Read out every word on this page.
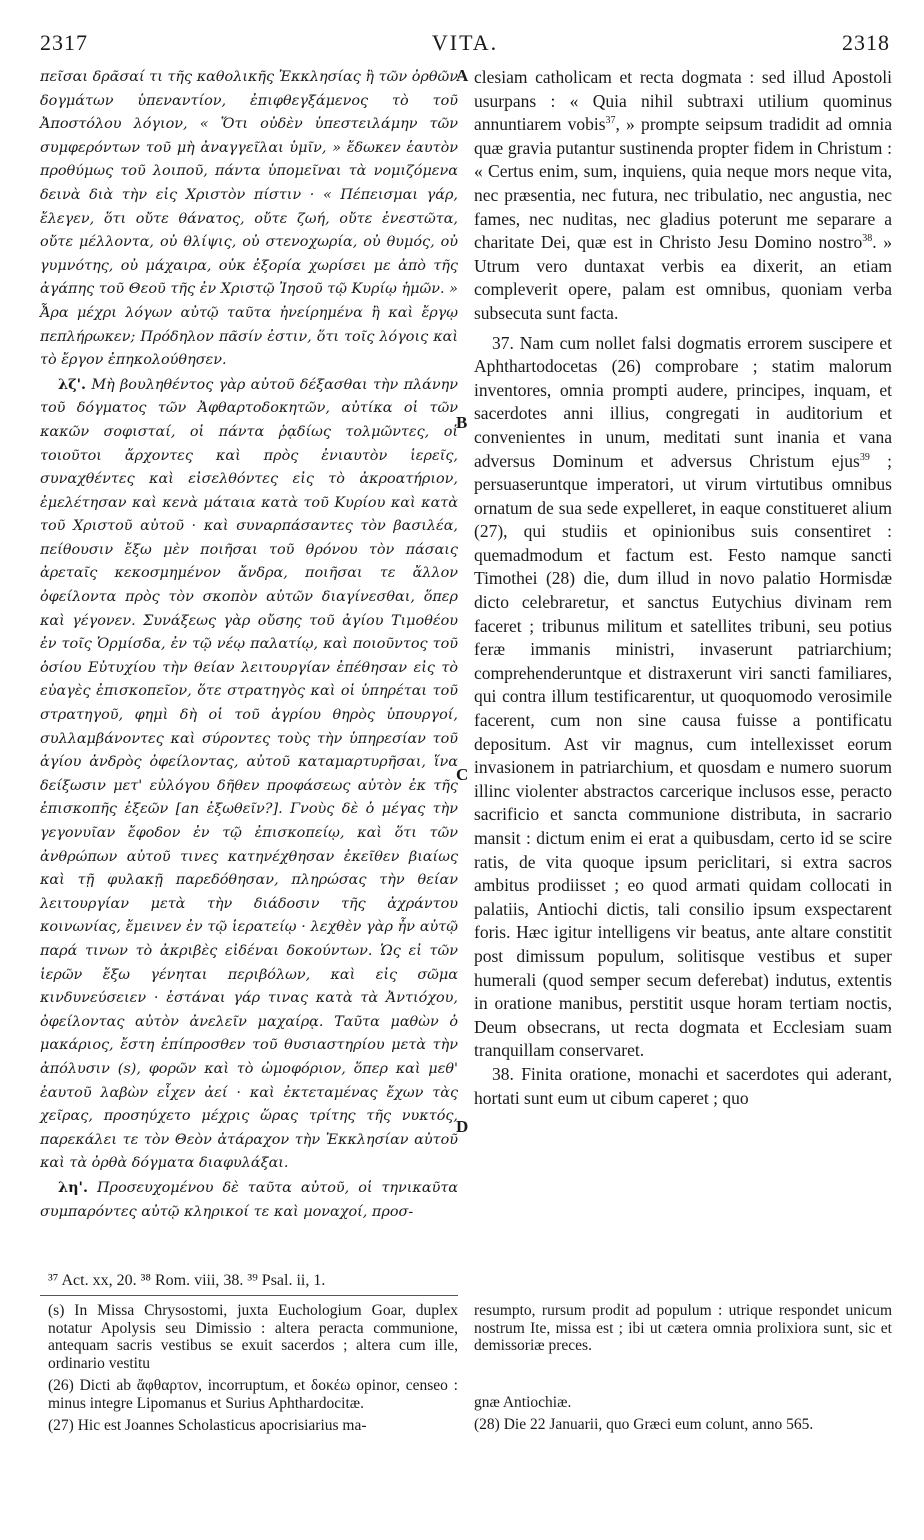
2317	VITA.	2318
A
B
C
D

πεῖσαι δρᾶσαί τι τῆς καθολικῆς Ἐκκλησίας ἢ τῶν ὀρθῶν δογμάτων ὑπεναντίον, ἐπιφθεγξάμενος τὸ τοῦ Ἀποστόλου λόγιον, « Ὅτι οὐδὲν ὑπεστειλάμην τῶν συμφερόντων τοῦ μὴ ἀναγγεῖλαι ὑμῖν, » ἔδωκεν ἑαυτὸν προθύμως τοῦ λοιποῦ, πάντα ὑπομεῖναι τὰ νομιζόμενα δεινὰ διὰ τὴν εἰς Χριστὸν πίστιν · « Πέπεισμαι γάρ, ἔλεγεν, ὅτι οὔτε θάνατος, οὔτε ζωή, οὔτε ἐνεστῶτα, οὔτε μέλλοντα, οὐ θλίψις, οὐ στενοχωρία, οὐ θυμός, οὐ γυμνότης, οὐ μάχαιρα, οὐκ ἐξορία χωρίσει με ἀπὸ τῆς ἀγάπης τοῦ Θεοῦ τῆς ἐν Χριστῷ Ἰησοῦ τῷ Κυρίῳ ἡμῶν. » Ἆρα μέχρι λόγων αὐτῷ ταῦτα ἠνείρημένα ἢ καὶ ἔργῳ πεπλήρωκεν; Πρόδηλον πᾶσίν ἐστιν, ὅτι τοῖς λόγοις καὶ τὸ ἔργον ἐπηκολούθησεν.

λζ'. Μὴ βουληθέντος γὰρ αὐτοῦ δέξασθαι τὴν πλάνην τοῦ δόγματος τῶν Ἀφθαρτοδοκητῶν, αὐτίκα οἱ τῶν κακῶν σοφισταί, οἱ πάντα ῥᾳδίως τολμῶντες, οἱ τοιοῦτοι ἄρχοντες καὶ πρὸς ἐνιαυτὸν ἱερεῖς, συναχθέντες καὶ εἰσελθόντες εἰς τὸ ἀκροατήριον, ἐμελέτησαν καὶ κενὰ μάταια κατὰ τοῦ Κυρίου καὶ κατὰ τοῦ Χριστοῦ αὐτοῦ · καὶ συναρπάσαντες τὸν βασιλέα, πείθουσιν ἔξω μὲν ποιῆσαι τοῦ θρόνου τὸν πάσαις ἀρεταῖς κεκοσμημένον ἄνδρα, ποιῆσαι τε ἄλλον ὀφείλοντα πρὸς τὸν σκοπὸν αὐτῶν διαγίνεσθαι, ὅπερ καὶ γέγονεν. Συνάξεως γὰρ οὔσης τοῦ ἁγίου Τιμοθέου ἐν τοῖς Ὁρμίσδα, ἐν τῷ νέῳ παλατίῳ, καὶ ποιοῦντος τοῦ ὁσίου Εὐτυχίου τὴν θείαν λειτουργίαν ἐπέθησαν εἰς τὸ εὐαγὲς ἐπισκοπεῖον, ὅτε στρατηγὸς καὶ οἱ ὑπηρέται τοῦ στρατηγοῦ, φημὶ δὴ οἱ τοῦ ἀγρίου θηρὸς ὑπουργοί, συλλαμβάνοντες καὶ σύροντες τοὺς τὴν ὑπηρεσίαν τοῦ ἁγίου ἀνδρὸς ὀφείλοντας, αὐτοῦ καταμαρτυρῆσαι, ἵνα δείξωσιν μετ' εὐλόγου δῆθεν προφάσεως αὐτὸν ἐκ τῆς ἐπισκοπῆς ἐξεῶν [an ἐξωθεῖν?]. Γνοὺς δὲ ὁ μέγας τὴν γεγονυῖαν ἔφοδον ἐν τῷ ἐπισκοπείῳ, καὶ ὅτι τῶν ἀνθρώπων αὐτοῦ τινες κατηνέχθησαν ἐκεῖθεν βιαίως καὶ τῇ φυλακῇ παρεδόθησαν, πληρώσας τὴν θείαν λειτουργίαν μετὰ τὴν διάδοσιν τῆς ἀχράντου κοινωνίας, ἔμεινεν ἐν τῷ ἱερατείῳ · λεχθὲν γὰρ ἦν αὐτῷ παρά τινων τὸ ἀκριβὲς εἰδέναι δοκούντων. Ὡς εἰ τῶν ἱερῶν ἔξω γένηται περιβόλων, καὶ εἰς σῶμα κινδυνεύσειεν · ἑστάναι γάρ τινας κατὰ τὰ Ἀντιόχου, ὀφείλοντας αὐτὸν ἀνελεῖν μαχαίρᾳ. Ταῦτα μαθὼν ὁ μακάριος, ἔστη ἐπίπροσθεν τοῦ θυσιαστηρίου μετὰ τὴν ἀπόλυσιν (s), φορῶν καὶ τὸ ὠμοφόριον, ὅπερ καὶ μεθ' ἑαυτοῦ λαβὼν εἶχεν ἀεί · καὶ ἐκτεταμένας ἔχων τὰς χεῖρας, προσηύχετο μέχρις ὥρας τρίτης τῆς νυκτός, παρεκάλει τε τὸν Θεὸν ἀτάραχον τὴν Ἐκκλησίαν αὐτοῦ καὶ τὰ ὀρθὰ δόγματα διαφυλάξαι.

λη'. Προσευχομένου δὲ ταῦτα αὐτοῦ, οἱ τηνικαῦτα συμπαρόντες αὐτῷ κληρικοί τε καὶ μοναχοί, προσ-

clesiam catholicam et recta dogmata : sed illud Apostoli usurpans : « Quia nihil subtraxi utilium quominus annuntiarem vobis$^{37}$, » prompte seipsum tradidit ad omnia quæ gravia putantur sustinenda propter fidem in Christum : « Certus enim, sum, inquiens, quia neque mors neque vita, nec præsentia, nec futura, nec tribulatio, nec angustia, nec fames, nec nuditas, nec gladius poterunt me separare a charitate Dei, quæ est in Christo Jesu Domino nostro$^{38}$. » Utrum vero duntaxat verbis ea dixerit, an etiam compleverit opere, palam est omnibus, quoniam verba subsecuta sunt facta.

37. Nam cum nollet falsi dogmatis errorem suscipere et Aphthartodocetas (26) comprobare ; statim malorum inventores, omnia prompti audere, principes, inquam, et sacerdotes anni illius, congregati in auditorium et convenientes in unum, meditati sunt inania et vana adversus Dominum et adversus Christum ejus$^{39}$ ; persuaseruntque imperatori, ut virum virtutibus omnibus ornatum de sua sede expelleret, in eaque constitueret alium (27), qui studiis et opinionibus suis consentiret : quemadmodum et factum est. Festo namque sancti Timothei (28) die, dum illud in novo palatio Hormisdæ dicto celebraretur, et sanctus Eutychius divinam rem faceret ; tribunus militum et satellites tribuni, seu potius feræ immanis ministri, invaserunt patriarchium; comprehenderuntque et distraxerunt viri sancti familiares, qui contra illum testificarentur, ut quoquomodo verosimile facerent, cum non sine causa fuisse a pontificatu depositum. Ast vir magnus, cum intellexisset eorum invasionem in patriarchium, et quosdam e numero suorum illinc violenter abstractos carcerique inclusos esse, peracto sacrificio et sancta communione distributa, in sacrario mansit : dictum enim ei erat a quibusdam, certo id se scire ratis, de vita quoque ipsum periclitari, si extra sacros ambitus prodiisset ; eo quod armati quidam collocati in palatiis, Antiochi dictis, tali consilio ipsum exspectarent foris. Hæc igitur intelligens vir beatus, ante altare constitit post dimissum populum, solitisque vestibus et super humerali (quod semper secum deferebat) indutus, extentis in oratione manibus, perstitit usque horam tertiam noctis, Deum obsecrans, ut recta dogmata et Ecclesiam suam tranquillam conservaret.

38. Finita oratione, monachi et sacerdotes qui aderant, hortati sunt eum ut cibum caperet ; quo

³⁷ Act. xx, 20. ³⁸ Rom. viii, 38. ³⁹ Psal. ii, 1.

(s) In Missa Chrysostomi, juxta Euchologium Goar, duplex notatur Apolysis seu Dimissio : altera peracta communione, antequam sacris vestibus se exuit sacerdos ; altera cum ille, ordinario vestitu

(26) Dicti ab ἄφθαρτον, incorruptum, et δοκέω opinor, censeo : minus integre Lipomanus et Surius Aphthardocitæ.

(27) Hic est Joannes Scholasticus apocrisiarius ma-

resumpto, rursum prodit ad populum : utrique respondet unicum nostrum Ite, missa est ; ibi ut cætera omnia prolixiora sunt, sic et demissoriæ preces.

gnæ Antiochiæ.

(28) Die 22 Januarii, quo Græci eum colunt, anno 565.
